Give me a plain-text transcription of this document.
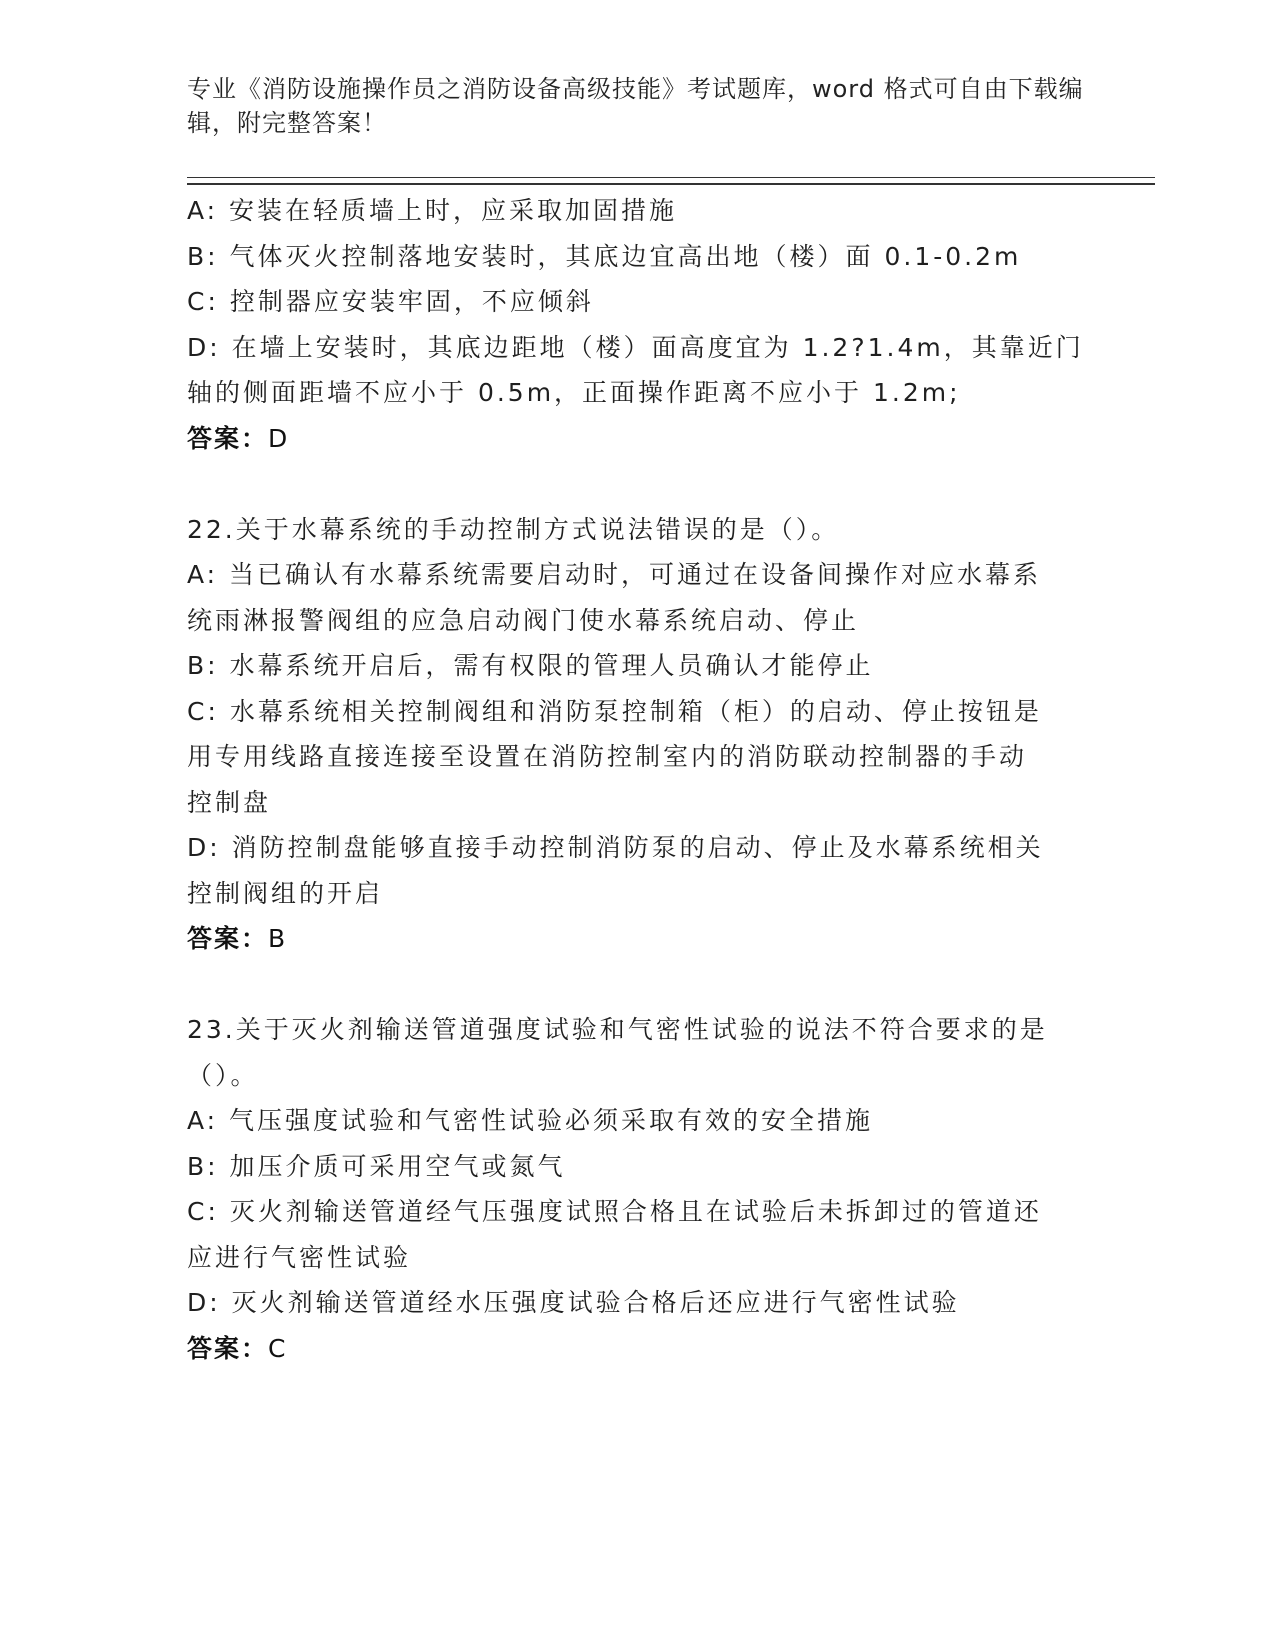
专业《消防设施操作员之消防设备高级技能》考试题库，word 格式可自由下载编
辑，附完整答案！
A: 安装在轻质墙上时，应采取加固措施
B: 气体灭火控制落地安装时，其底边宜高出地（楼）面 0.1-0.2m
C: 控制器应安装牢固，不应倾斜
D: 在墙上安装时，其底边距地（楼）面高度宜为 1.2?1.4m，其靠近门
轴的侧面距墙不应小于 0.5m，正面操作距离不应小于 1.2m;
答案：D
22.关于水幕系统的手动控制方式说法错误的是（）。
A: 当已确认有水幕系统需要启动时，可通过在设备间操作对应水幕系
统雨淋报警阀组的应急启动阀门使水幕系统启动、停止
B: 水幕系统开启后，需有权限的管理人员确认才能停止
C: 水幕系统相关控制阀组和消防泵控制箱（柜）的启动、停止按钮是
用专用线路直接连接至设置在消防控制室内的消防联动控制器的手动
控制盘
D: 消防控制盘能够直接手动控制消防泵的启动、停止及水幕系统相关
控制阀组的开启
答案：B
23.关于灭火剂输送管道强度试验和气密性试验的说法不符合要求的是
（）。
A: 气压强度试验和气密性试验必须采取有效的安全措施
B: 加压介质可采用空气或氮气
C: 灭火剂输送管道经气压强度试照合格且在试验后未拆卸过的管道还
应进行气密性试验
D: 灭火剂输送管道经水压强度试验合格后还应进行气密性试验
答案：C
